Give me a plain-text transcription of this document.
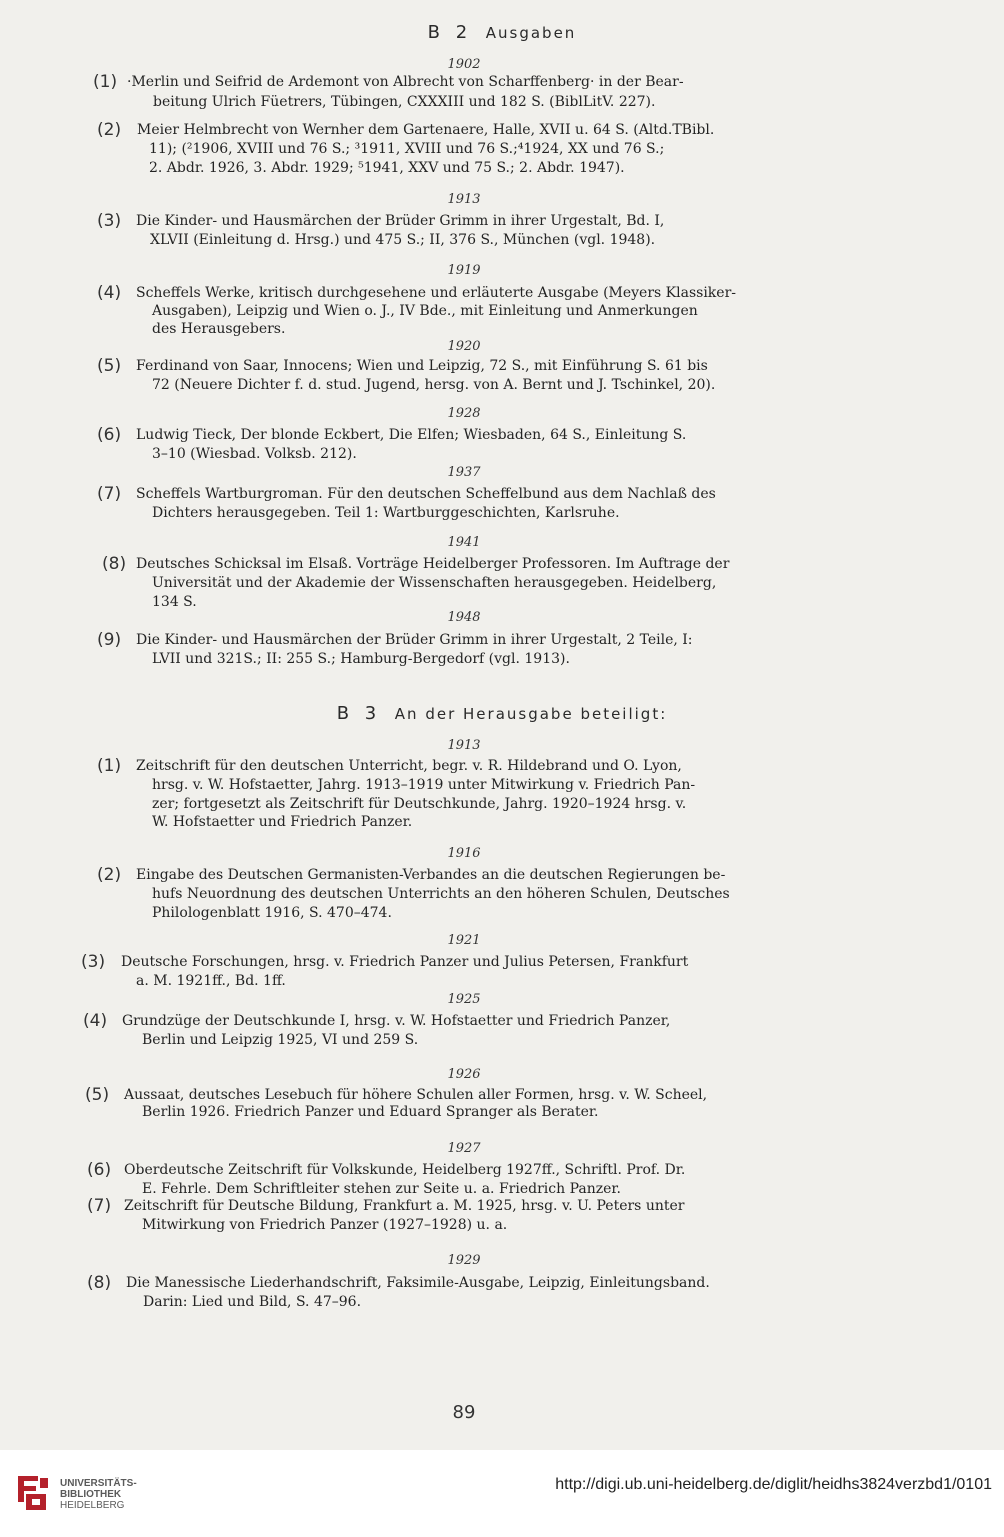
B 2 Ausgaben
1902
(1) ·Merlin und Seifrid de Ardemont von Albrecht von Scharffenberg· in der Bear-
beitung Ulrich Füetrers, Tübingen, CXXXIII und 182 S. (BiblLitV. 227).
(2) Meier Helmbrecht von Wernher dem Gartenaere, Halle, XVII u. 64 S. (Altd.TBibl.
11); (²1906, XVIII und 76 S.; ³1911, XVIII und 76 S.;⁴1924, XX und 76 S.;
2. Abdr. 1926, 3. Abdr. 1929; ⁵1941, XXV und 75 S.; 2. Abdr. 1947).
1913
(3) Die Kinder- und Hausmärchen der Brüder Grimm in ihrer Urgestalt, Bd. I,
XLVII (Einleitung d. Hrsg.) und 475 S.; II, 376 S., München (vgl. 1948).
1919
(4) Scheffels Werke, kritisch durchgesehene und erläuterte Ausgabe (Meyers Klassiker-
Ausgaben), Leipzig und Wien o. J., IV Bde., mit Einleitung und Anmerkungen
des Herausgebers.
1920
(5) Ferdinand von Saar, Innocens; Wien und Leipzig, 72 S., mit Einführung S. 61 bis
72 (Neuere Dichter f. d. stud. Jugend, hersg. von A. Bernt und J. Tschinkel, 20).
1928
(6) Ludwig Tieck, Der blonde Eckbert, Die Elfen; Wiesbaden, 64 S., Einleitung S.
3–10 (Wiesbad. Volksb. 212).
1937
(7) Scheffels Wartburgroman. Für den deutschen Scheffelbund aus dem Nachlaß des
Dichters herausgegeben. Teil 1: Wartburggeschichten, Karlsruhe.
1941
(8) Deutsches Schicksal im Elsaß. Vorträge Heidelberger Professoren. Im Auftrage der
Universität und der Akademie der Wissenschaften herausgegeben. Heidelberg,
134 S.
1948
(9) Die Kinder- und Hausmärchen der Brüder Grimm in ihrer Urgestalt, 2 Teile, I:
LVII und 321S.; II: 255 S.; Hamburg-Bergedorf (vgl. 1913).
B 3 An der Herausgabe beteiligt:
1913
(1) Zeitschrift für den deutschen Unterricht, begr. v. R. Hildebrand und O. Lyon,
hrsg. v. W. Hofstaetter, Jahrg. 1913–1919 unter Mitwirkung v. Friedrich Pan-
zer; fortgesetzt als Zeitschrift für Deutschkunde, Jahrg. 1920–1924 hrsg. v.
W. Hofstaetter und Friedrich Panzer.
1916
(2) Eingabe des Deutschen Germanisten-Verbandes an die deutschen Regierungen be-
hufs Neuordnung des deutschen Unterrichts an den höheren Schulen, Deutsches
Philologenblatt 1916, S. 470–474.
1921
(3) Deutsche Forschungen, hrsg. v. Friedrich Panzer und Julius Petersen, Frankfurt
a. M. 1921ff., Bd. 1ff.
1925
(4) Grundzüge der Deutschkunde I, hrsg. v. W. Hofstaetter und Friedrich Panzer,
Berlin und Leipzig 1925, VI und 259 S.
1926
(5) Aussaat, deutsches Lesebuch für höhere Schulen aller Formen, hrsg. v. W. Scheel,
Berlin 1926. Friedrich Panzer und Eduard Spranger als Berater.
1927
(6) Oberdeutsche Zeitschrift für Volkskunde, Heidelberg 1927ff., Schriftl. Prof. Dr.
E. Fehrle. Dem Schriftleiter stehen zur Seite u. a. Friedrich Panzer.
(7) Zeitschrift für Deutsche Bildung, Frankfurt a. M. 1925, hrsg. v. U. Peters unter
Mitwirkung von Friedrich Panzer (1927–1928) u. a.
1929
(8) Die Manessische Liederhandschrift, Faksimile-Ausgabe, Leipzig, Einleitungsband.
Darin: Lied und Bild, S. 47–96.
89
UNIVERSITÄTS-
BIBLIOTHEK
HEIDELBERG
http://digi.ub.uni-heidelberg.de/diglit/heidhs3824verzbd1/0101
